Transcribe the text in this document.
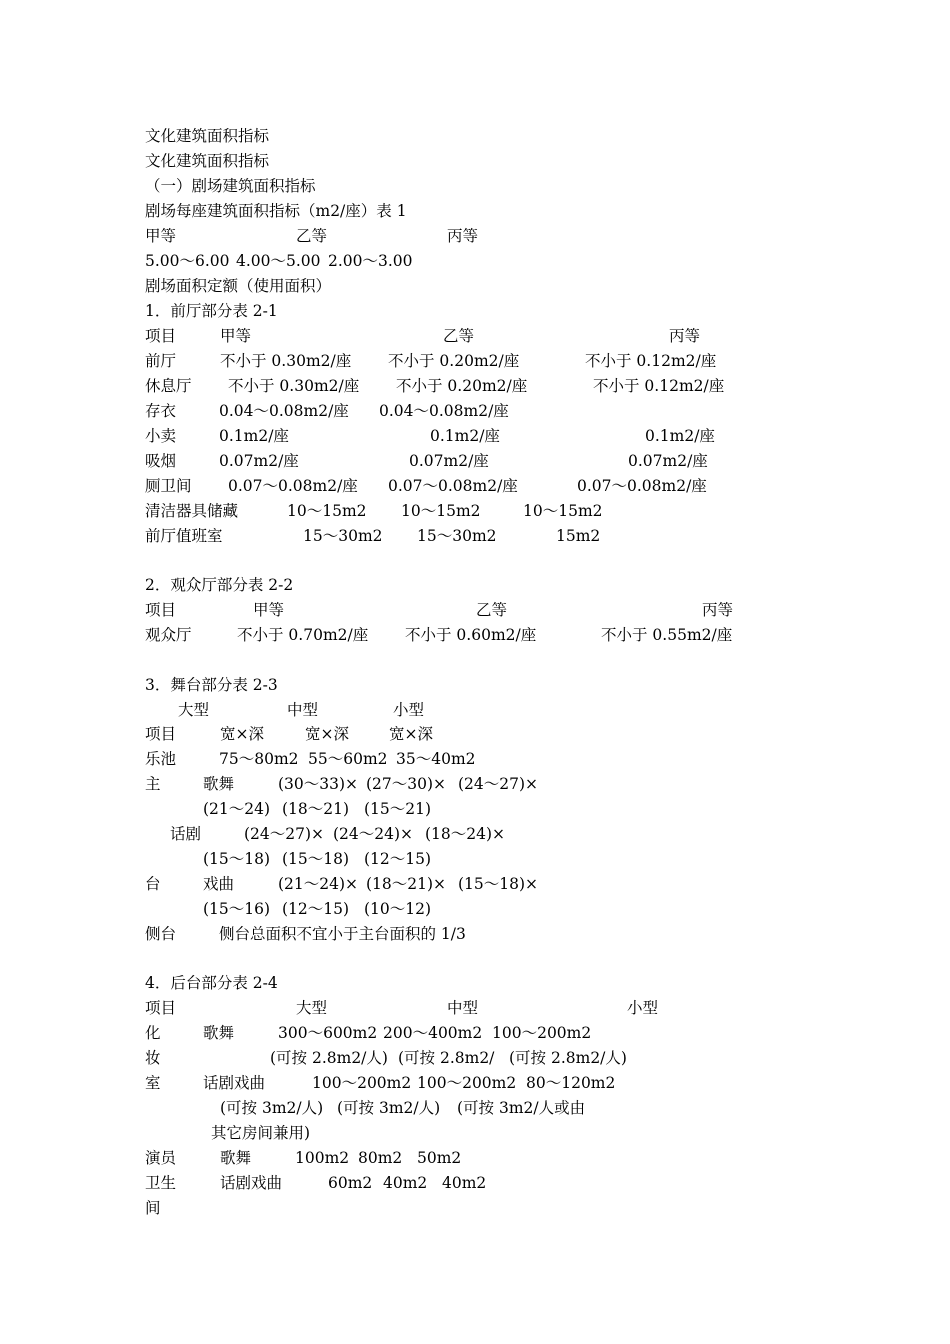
文化建筑面积指标
文化建筑面积指标
（一）剧场建筑面积指标
剧场每座建筑面积指标（m2/座）表 1
甲等	乙等	丙等
5.00～6.00 4.00～5.00 2.00～3.00
剧场面积定额（使用面积）
1．前厅部分表 2-1
项目	甲等	乙等	丙等
前厅	不小于 0.30m2/座 不小于 0.20m2/座	不小于 0.12m2/座
休息厅 不小于 0.30m2/座 不小于 0.20m2/座	不小于 0.12m2/座
存衣	0.04～0.08m2/座 0.04～0.08m2/座
小卖	0.1m2/座	0.1m2/座	0.1m2/座
吸烟	0.07m2/座	0.07m2/座	0.07m2/座
厕卫间 0.07～0.08m2/座 0.07～0.08m2/座	0.07～0.08m2/座
清洁器具储藏	10～15m2 10～15m2	10～15m2
前厅值班室	15～30m2 15～30m2	15m2
2．观众厅部分表 2-2
项目	甲等	乙等	丙等
观众厅	不小于 0.70m2/座 不小于 0.60m2/座	不小于 0.55m2/座
3．舞台部分表 2-3
大型	中型	小型
项目	宽×深	宽×深	宽×深
乐池	75～80m2 55～60m2 35～40m2
主	歌舞	(30～33)× (27～30)× (24～27)×
(21～24) (18～21) (15～21)
话剧	(24～27)× (24～24)× (18～24)×
(15～18) (15～18) (12～15)
台	戏曲	(21～24)× (18～21)× (15～18)×
(15～16) (12～15) (10～12)
侧台	侧台总面积不宜小于主台面积的 1/3
4．后台部分表 2-4
项目	大型	中型	小型
化	歌舞	300～600m2 200～400m2 100～200m2
妆	(可按 2.8m2/人) (可按 2.8m2/ (可按 2.8m2/人)
室	话剧戏曲	100～200m2 100～200m2 80～120m2
(可按 3m2/人) (可按 3m2/人) (可按 3m2/人或由
其它房间兼用)
演员	歌舞	100m2 80m2 50m2
卫生	话剧戏曲	60m2 40m2 40m2
间
